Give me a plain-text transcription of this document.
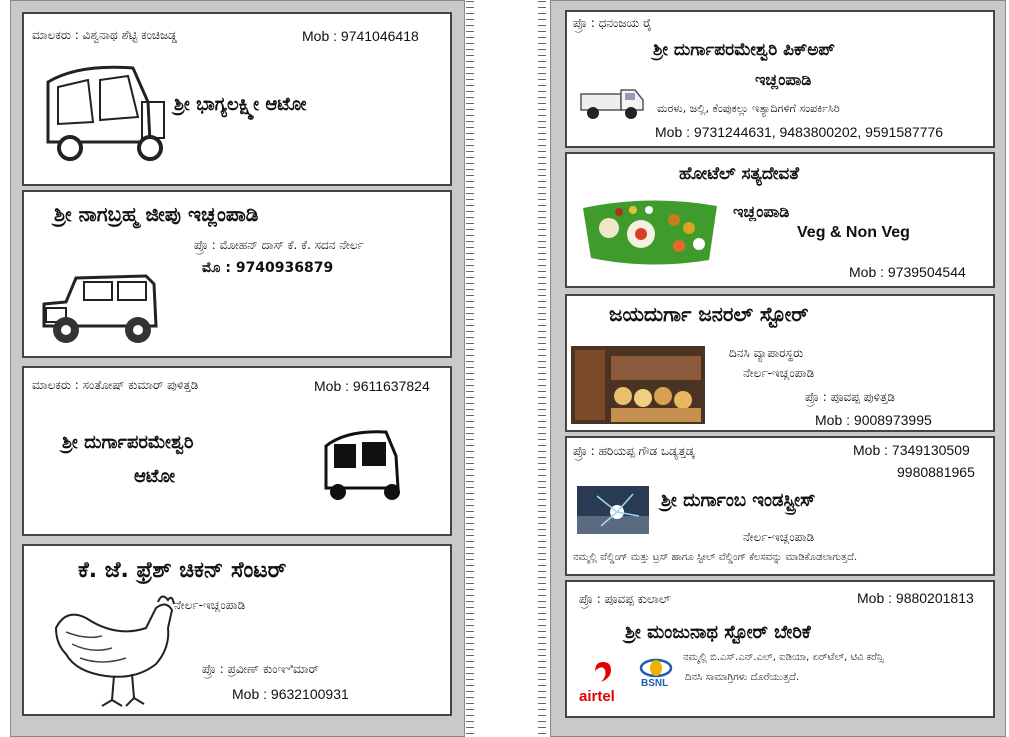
ಮಾಲಕರು : ವಿಶ್ವನಾಥ ಶೆಟ್ಟಿ ಕಂಚಿಜಡ್ಡ	Mob : 9741046418
ಶ್ರೀ ಭಾಗ್ಯಲಕ್ಷ್ಮೀ ಆಟೋ
ಶ್ರೀ ನಾಗಬ್ರಹ್ಮ ಜೀಪು ಇಚ್ಲಂಪಾಡಿ
ಪ್ರೊ : ಮೋಹನ್ ದಾಸ್ ಕೆ. ಕೆ. ಸದನ ನೇರ್ಲ
ಮೊ : 9740936879
ಮಾಲಕರು : ಸಂತೋಷ್ ಕುಮಾರ್ ಪುಳಿತ್ತಡಿ	Mob : 9611637824
ಶ್ರೀ ದುರ್ಗಾಪರಮೇಶ್ವರಿ
ಆಟೋ
ಕೆ. ಜೆ. ಫ್ರೆಶ್ ಚಿಕನ್ ಸೆಂಟರ್
ನೇರ್ಲ-ಇಚ್ಲಂಪಾಡಿ
ಪ್ರೊ : ಪ್ರವೀಣ್ ಕುಂಞಿಮಾರ್
Mob : 9632100931
ಪ್ರೊ : ಧನಂಜಯ ರೈ
ಶ್ರೀ ದುರ್ಗಾಪರಮೇಶ್ವರಿ ಪಿಕ್‌ಅಪ್
ಇಚ್ಲಂಪಾಡಿ
ಮರಳು, ಜಲ್ಲಿ, ಕೆಂಪುಕಲ್ಲು ಇತ್ಯಾದಿಗಳಿಗೆ ಸಂಪರ್ಕಿಸಿರಿ
Mob : 9731244631, 9483800202, 9591587776
ಹೋಟೆಲ್ ಸತ್ಯದೇವತೆ
ಇಚ್ಲಂಪಾಡಿ
Veg & Non Veg
Mob : 9739504544
ಜಯದುರ್ಗಾ ಜನರಲ್ ಸ್ಟೋರ್
ದಿನಸಿ ವ್ಯಾಪಾರಸ್ಥರು
ನೇರ್ಲ-ಇಚ್ಲಂಪಾಡಿ
ಪ್ರೊ : ಪೂವಪ್ಪ ಪುಳಿತ್ತಡಿ
Mob : 9008973995
ಪ್ರೊ : ಹರಿಯಪ್ಪ ಗೌಡ ಒಡ್ಯತ್ತಡ್ಕ	Mob : 7349130509
9980881965
ಶ್ರೀ ದುರ್ಗಾಂಬ ಇಂಡಸ್ಟ್ರೀಸ್
ನೇರ್ಲ-ಇಚ್ಲಂಪಾಡಿ
ನಮ್ಮಲ್ಲಿ ವೆಲ್ಡಿಂಗ್ ಮತ್ತು ಟ್ರಸ್ ಹಾಗೂ ಸ್ಟೀಲ್ ವೆಲ್ಡಿಂಗ್ ಕೆಲಸವನ್ನು ಮಾಡಿಕೊಡಲಾಗುತ್ತದೆ.
ಪ್ರೊ : ಪೂವಪ್ಪ ಕುಲಾಲ್	Mob : 9880201813
ಶ್ರೀ ಮಂಜುನಾಥ ಸ್ಟೋರ್ ಬೇರಿಕೆ
airtel
BSNL
ನಮ್ಮಲ್ಲಿ ಬಿ.ಎಸ್.ಎನ್.ಎಲ್, ಐಡಿಯಾ, ಏರ್‌ಟೆಲ್, ಟಿವಿ ಕರೆನ್ಸಿ
ದಿನಸಿ ಸಾಮಾಗ್ರಿಗಳು ದೊರೆಯುತ್ತದೆ.
